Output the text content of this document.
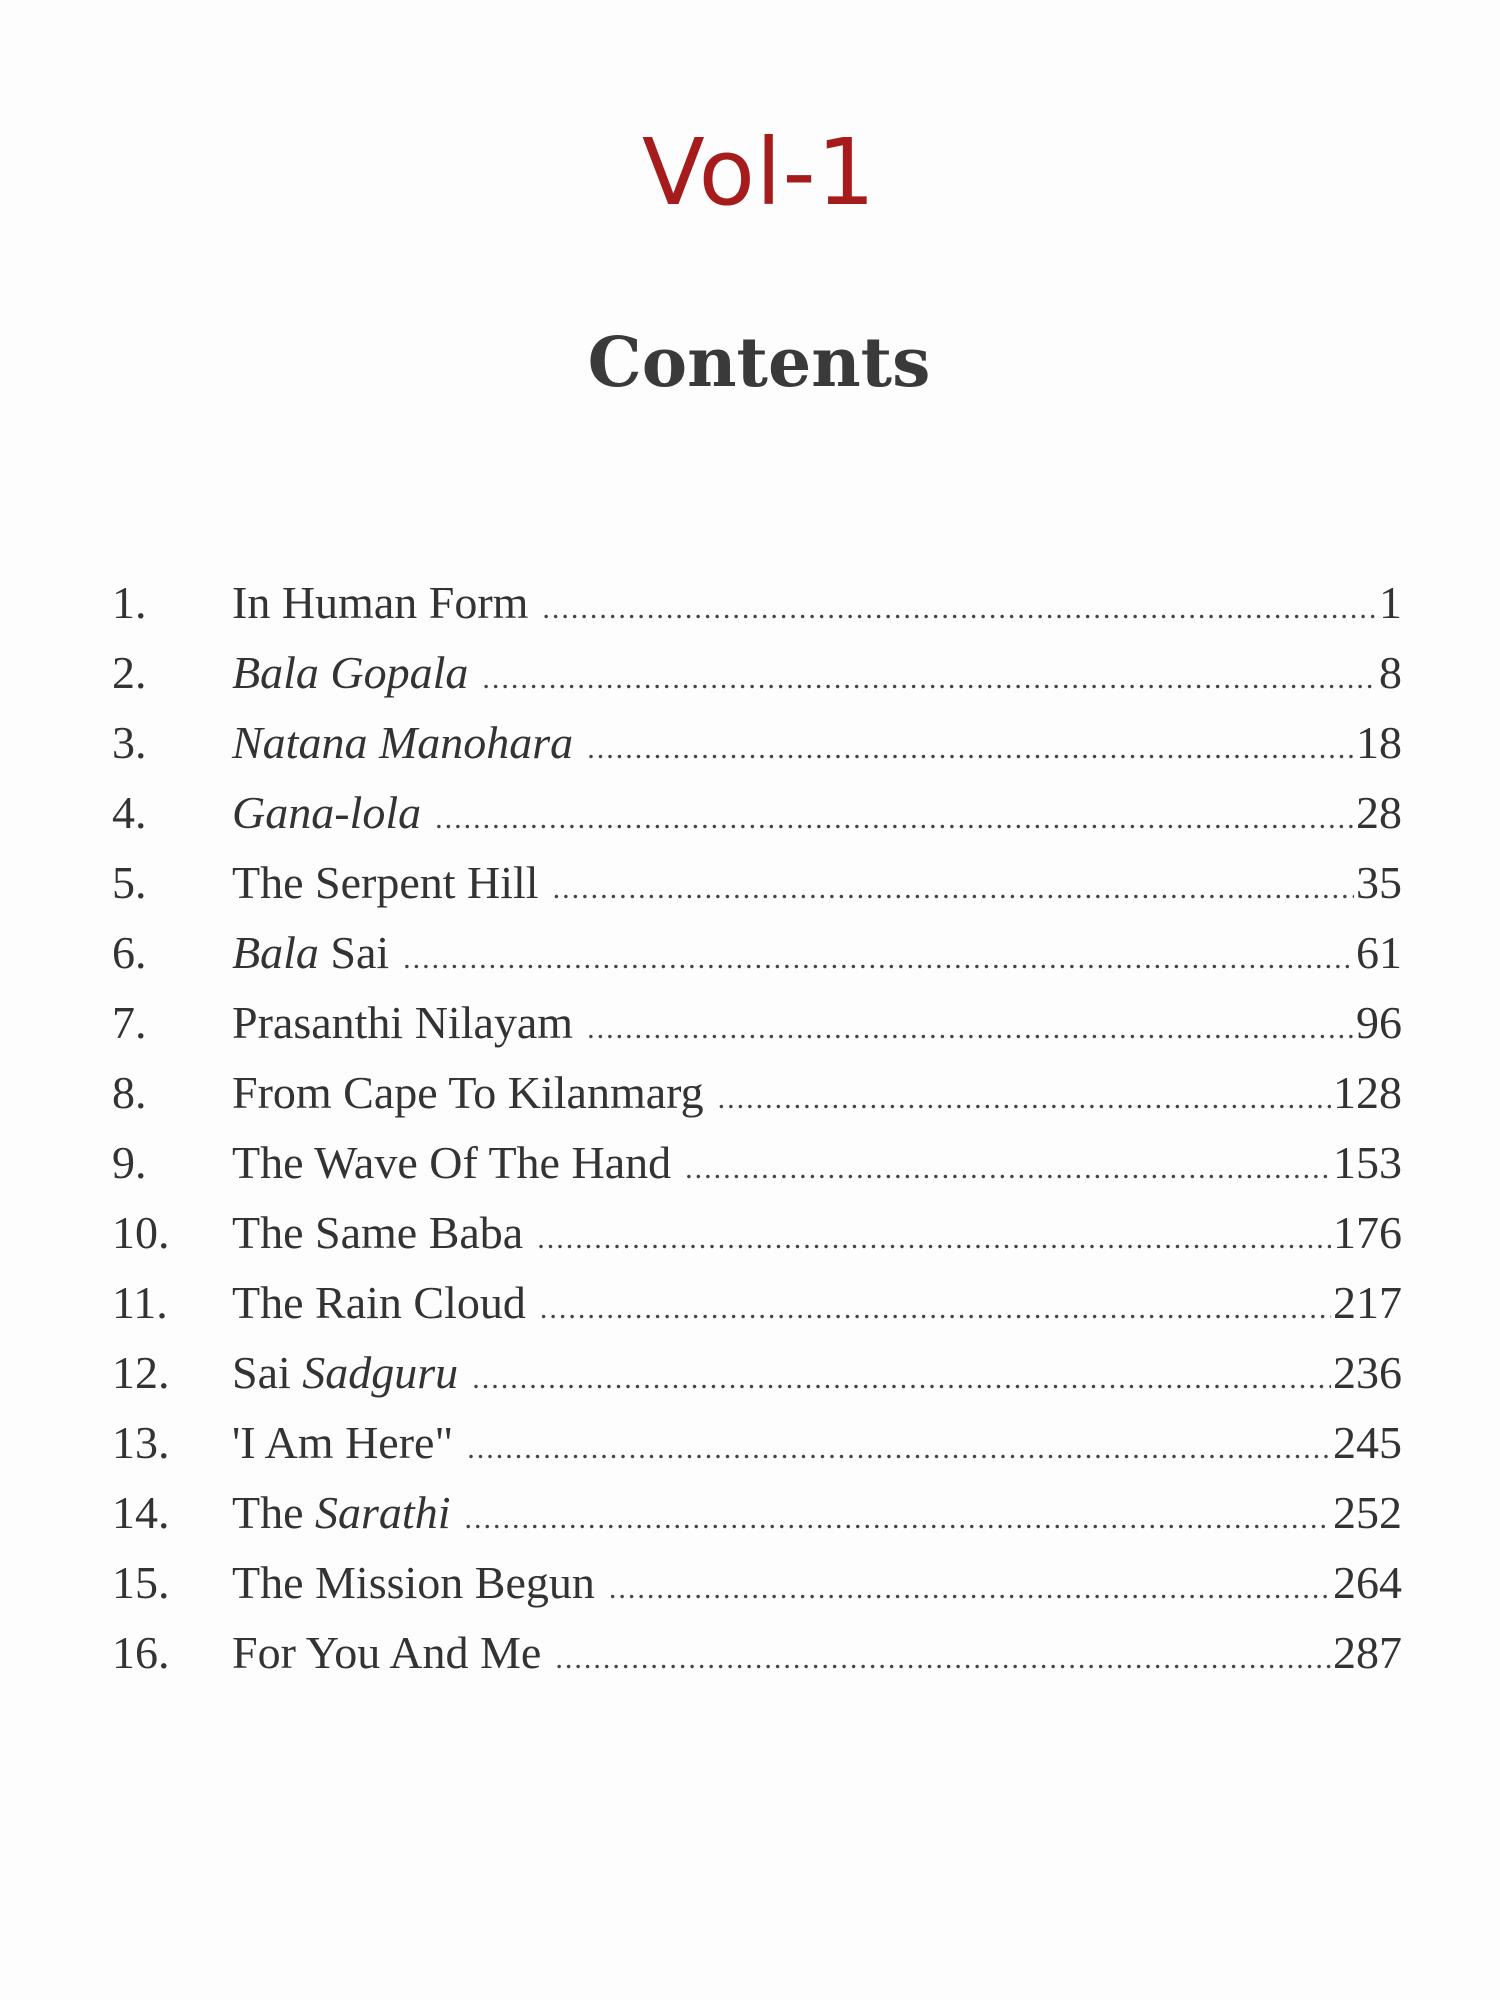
Vol-1
Contents
1.	In Human Form .....	1
2.	Bala Gopala .....	8
3.	Natana Manohara .....	18
4.	Gana-lola .....	28
5.	The Serpent Hill .....	35
6.	Bala Sai .....	61
7.	Prasanthi Nilayam .....	96
8.	From Cape To Kilanmarg .....	128
9.	The Wave Of The Hand .....	153
10.	The Same Baba .....	176
11.	The Rain Cloud .....	217
12.	Sai Sadguru .....	236
13.	'I Am Here" .....	245
14.	The Sarathi .....	252
15.	The Mission Begun .....	264
16.	For You And Me .....	287
